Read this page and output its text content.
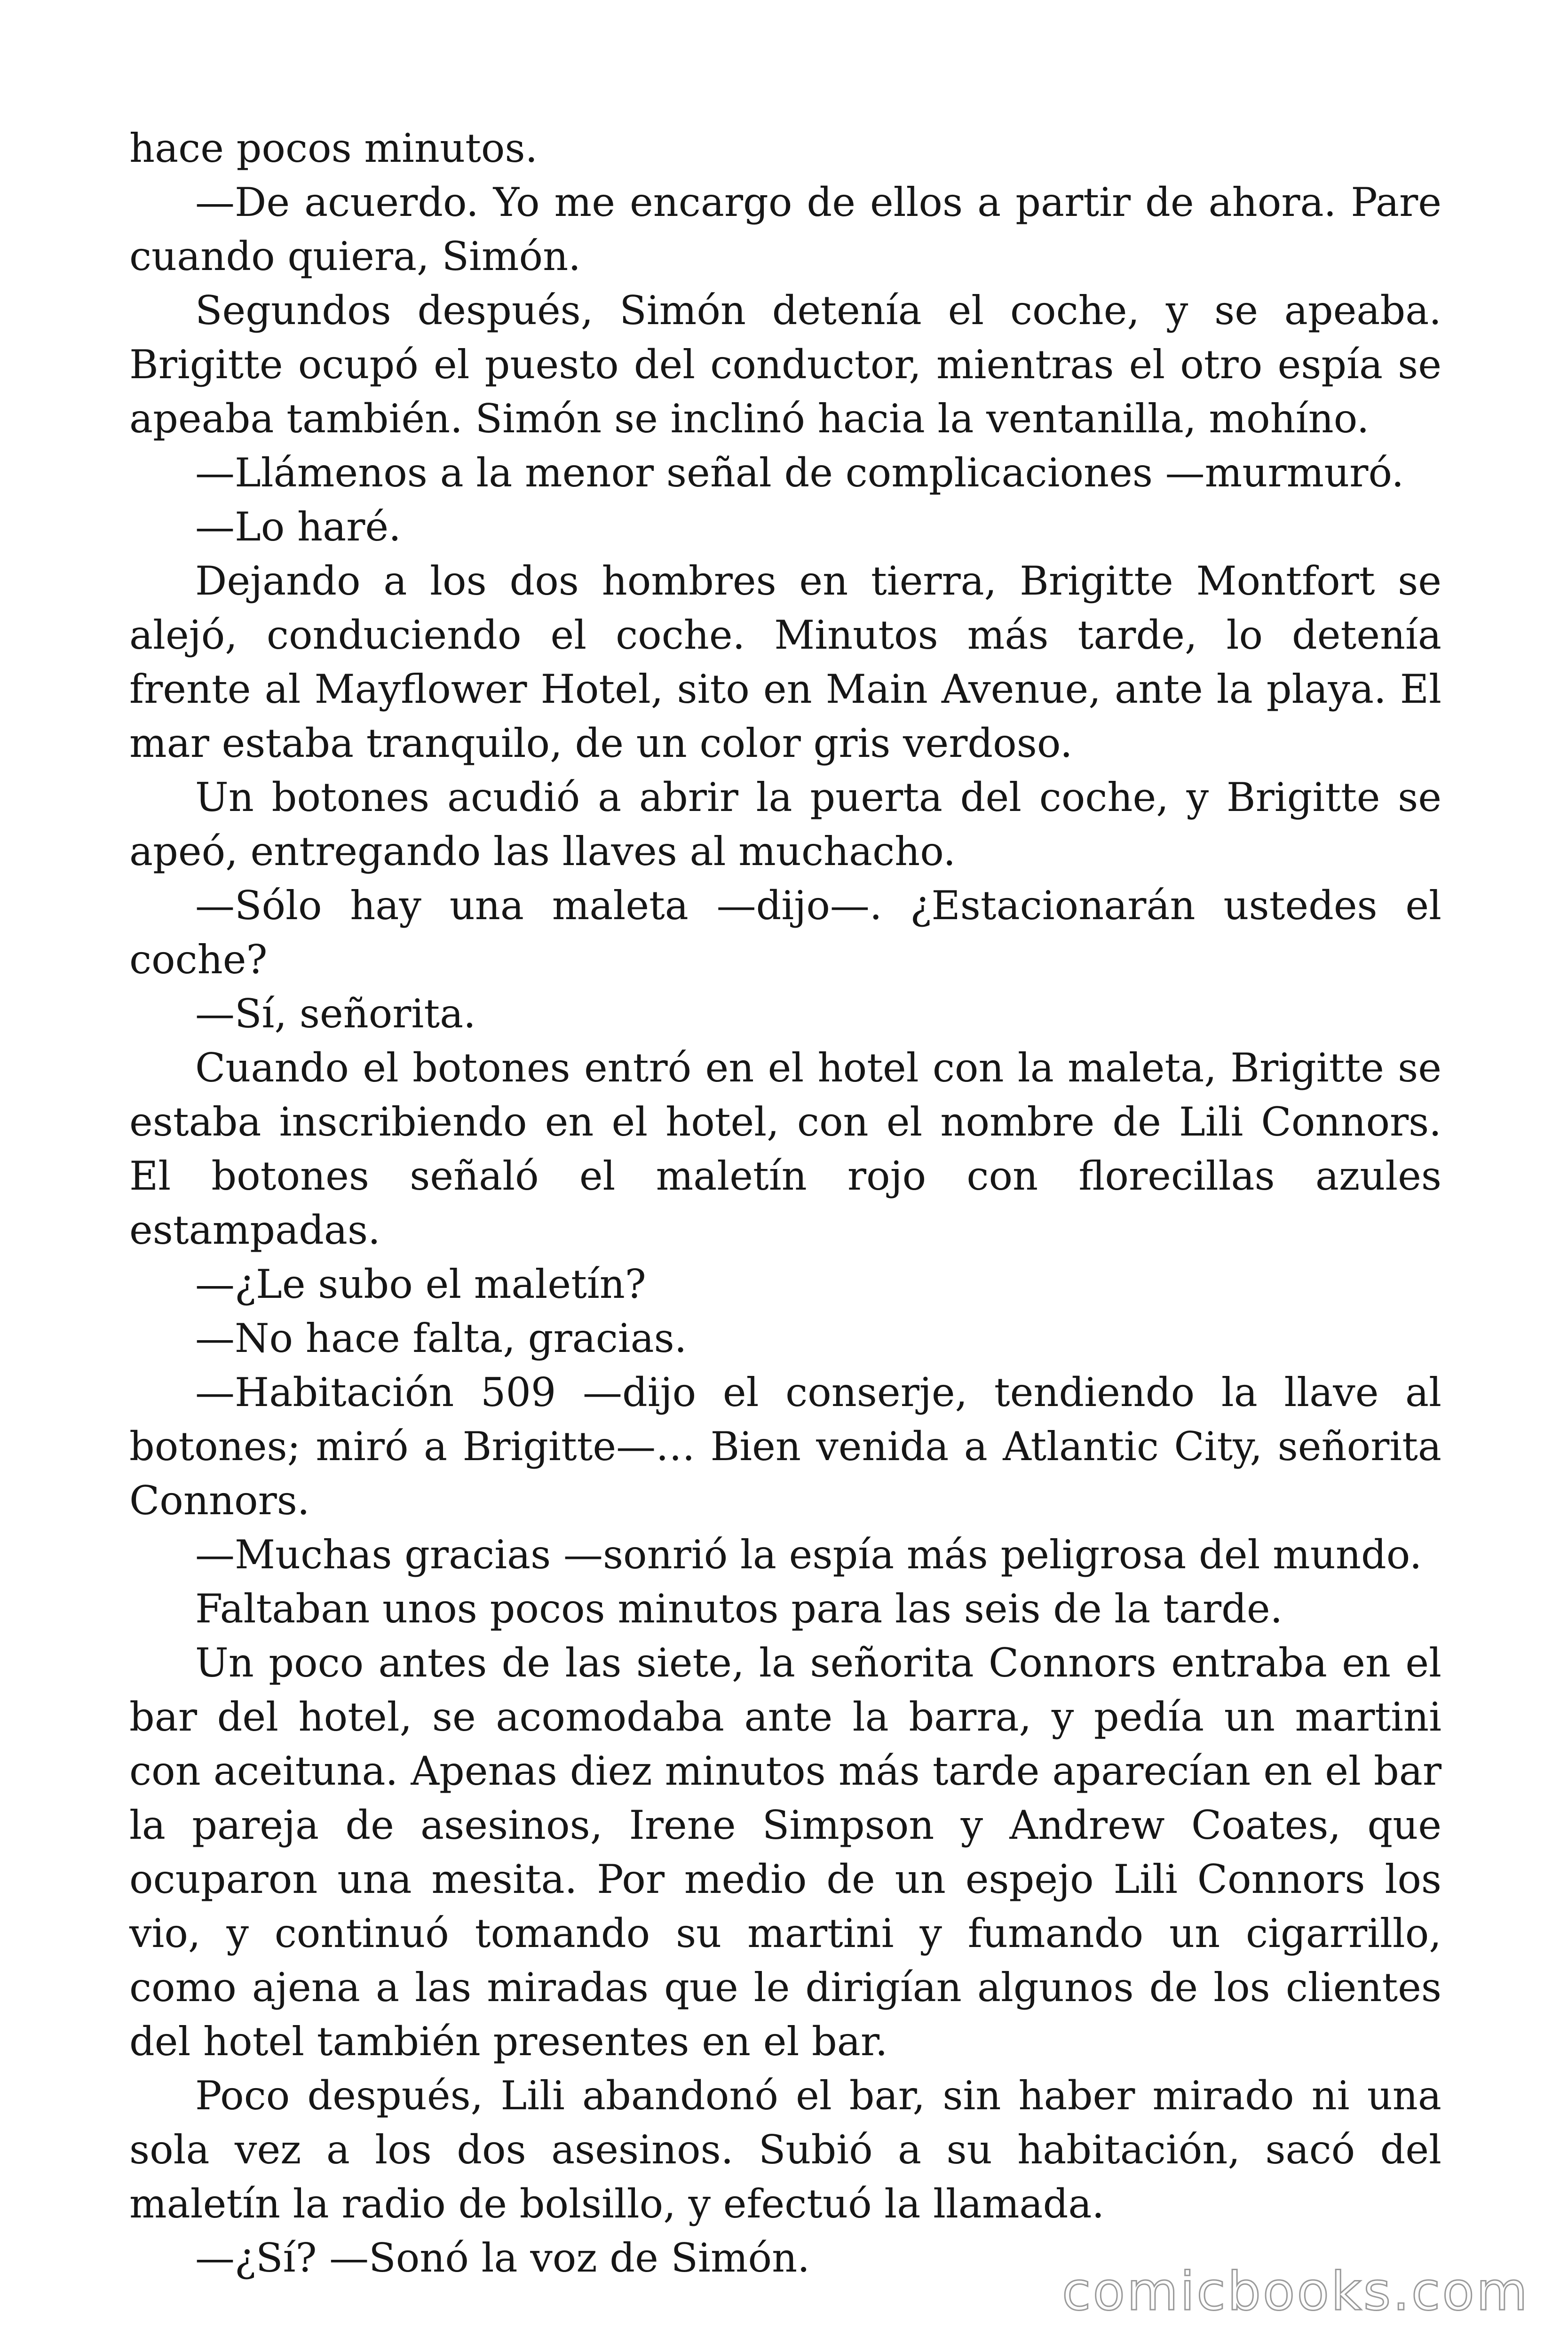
hace pocos minutos.

—De acuerdo. Yo me encargo de ellos a partir de ahora. Pare cuando quiera, Simón.

Segundos después, Simón detenía el coche, y se apeaba. Brigitte ocupó el puesto del conductor, mientras el otro espía se apeaba también. Simón se inclinó hacia la ventanilla, mohíno.

—Llámenos a la menor señal de complicaciones —murmuró.

—Lo haré.

Dejando a los dos hombres en tierra, Brigitte Montfort se alejó, conduciendo el coche. Minutos más tarde, lo detenía frente al Mayflower Hotel, sito en Main Avenue, ante la playa. El mar estaba tranquilo, de un color gris verdoso.

Un botones acudió a abrir la puerta del coche, y Brigitte se apeó, entregando las llaves al muchacho.

—Sólo hay una maleta —dijo—. ¿Estacionarán ustedes el coche?

—Sí, señorita.

Cuando el botones entró en el hotel con la maleta, Brigitte se estaba inscribiendo en el hotel, con el nombre de Lili Connors. El botones señaló el maletín rojo con florecillas azules estampadas.

—¿Le subo el maletín?

—No hace falta, gracias.

—Habitación 509 —dijo el conserje, tendiendo la llave al botones; miró a Brigitte—… Bien venida a Atlantic City, señorita Connors.

—Muchas gracias —sonrió la espía más peligrosa del mundo.

Faltaban unos pocos minutos para las seis de la tarde.

Un poco antes de las siete, la señorita Connors entraba en el bar del hotel, se acomodaba ante la barra, y pedía un martini con aceituna. Apenas diez minutos más tarde aparecían en el bar la pareja de asesinos, Irene Simpson y Andrew Coates, que ocuparon una mesita. Por medio de un espejo Lili Connors los vio, y continuó tomando su martini y fumando un cigarrillo, como ajena a las miradas que le dirigían algunos de los clientes del hotel también presentes en el bar.

Poco después, Lili abandonó el bar, sin haber mirado ni una sola vez a los dos asesinos. Subió a su habitación, sacó del maletín la radio de bolsillo, y efectuó la llamada.

—¿Sí? —Sonó la voz de Simón.

comicbooks.com
